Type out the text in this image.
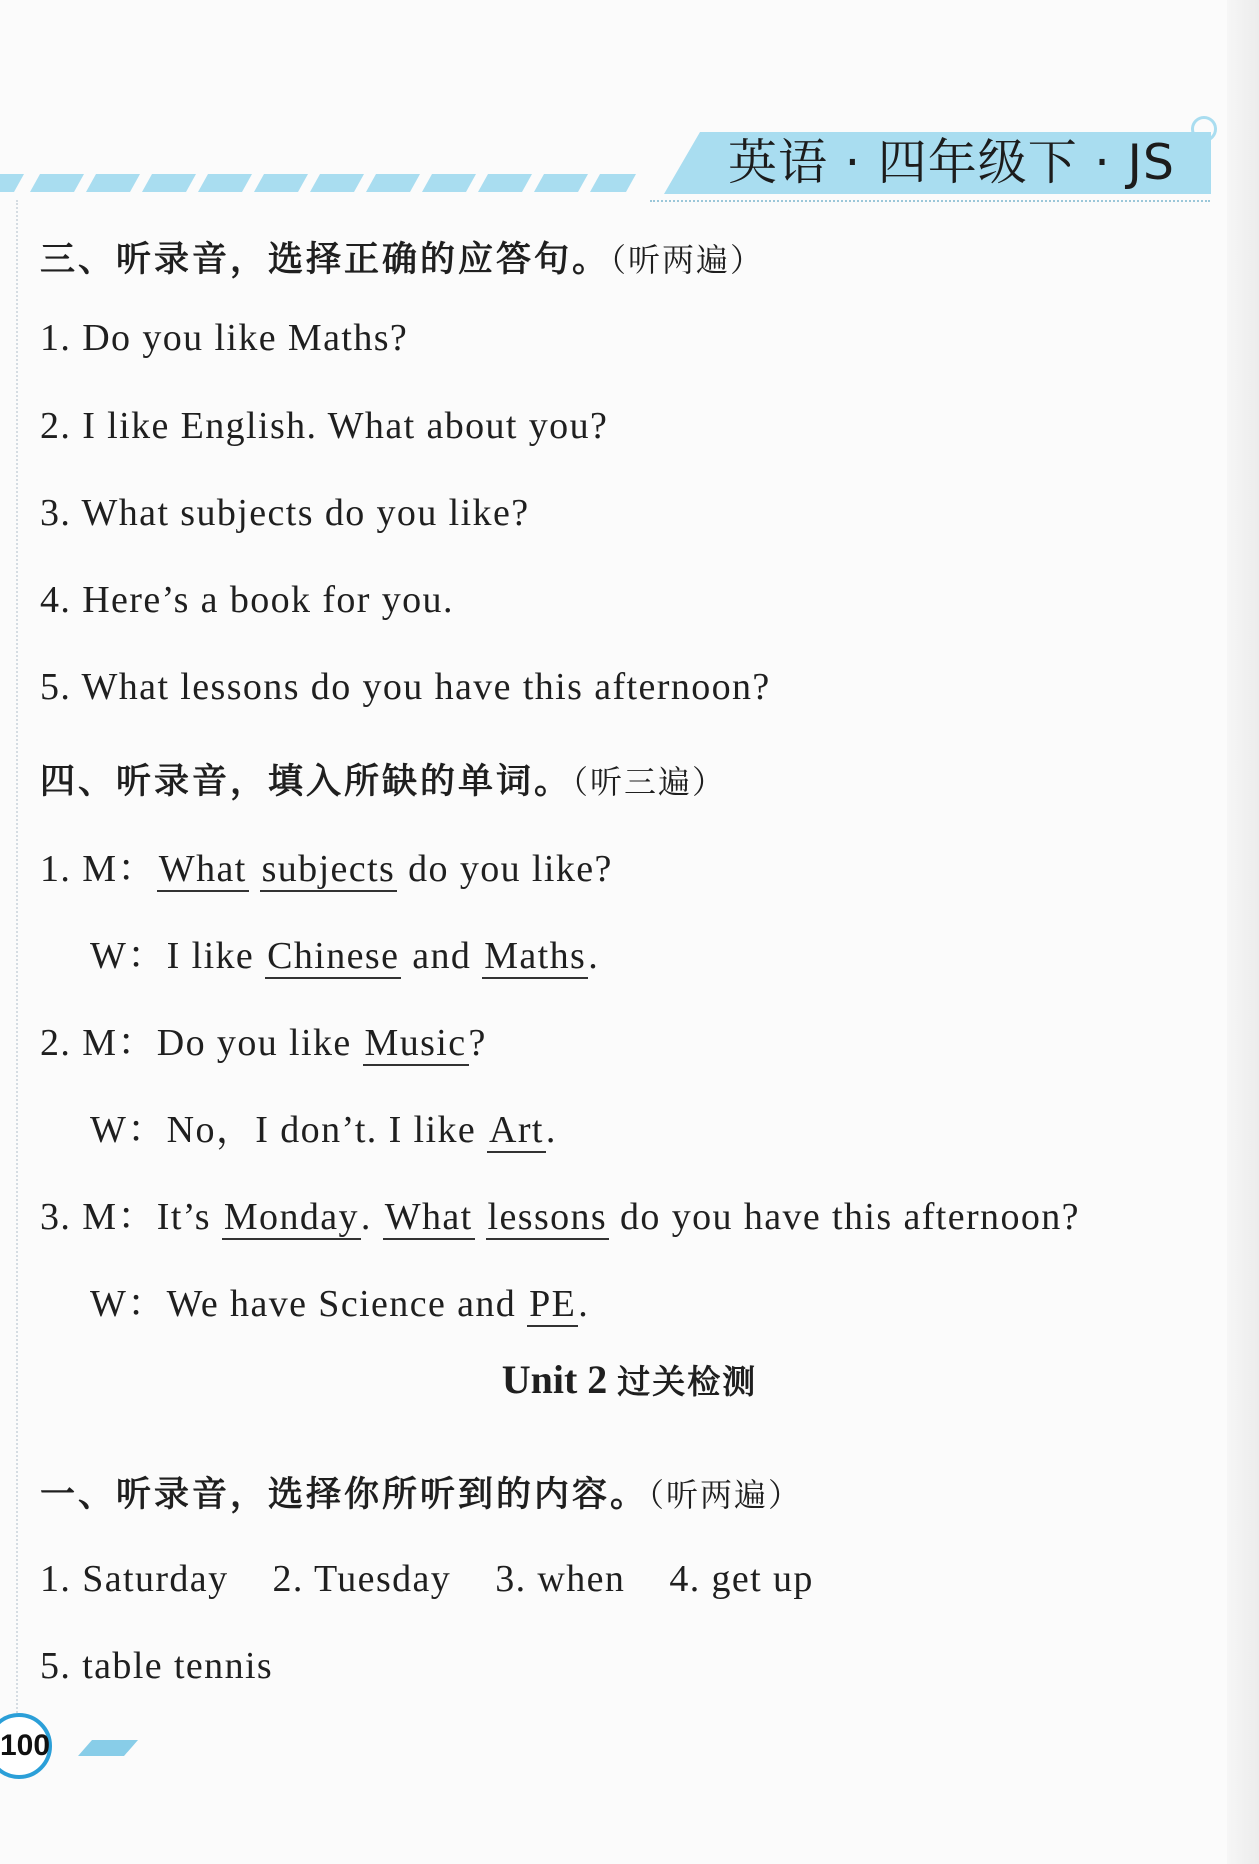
英语 · 四年级下 · JS
三、听录音，选择正确的应答句。（听两遍）
1. Do you like Maths?
2. I like English. What about you?
3. What subjects do you like?
4. Here’s a book for you.
5. What lessons do you have this afternoon?
四、听录音，填入所缺的单词。（听三遍）
1. M：What subjects do you like?
W：I like Chinese and Maths.
2. M：Do you like Music?
W：No，I don’t. I like Art.
3. M：It’s Monday. What lessons do you have this afternoon?
W：We have Science and PE.
Unit 2 过关检测
一、听录音，选择你所听到的内容。（听两遍）
1. Saturday 2. Tuesday 3. when 4. get up
5. table tennis
100
